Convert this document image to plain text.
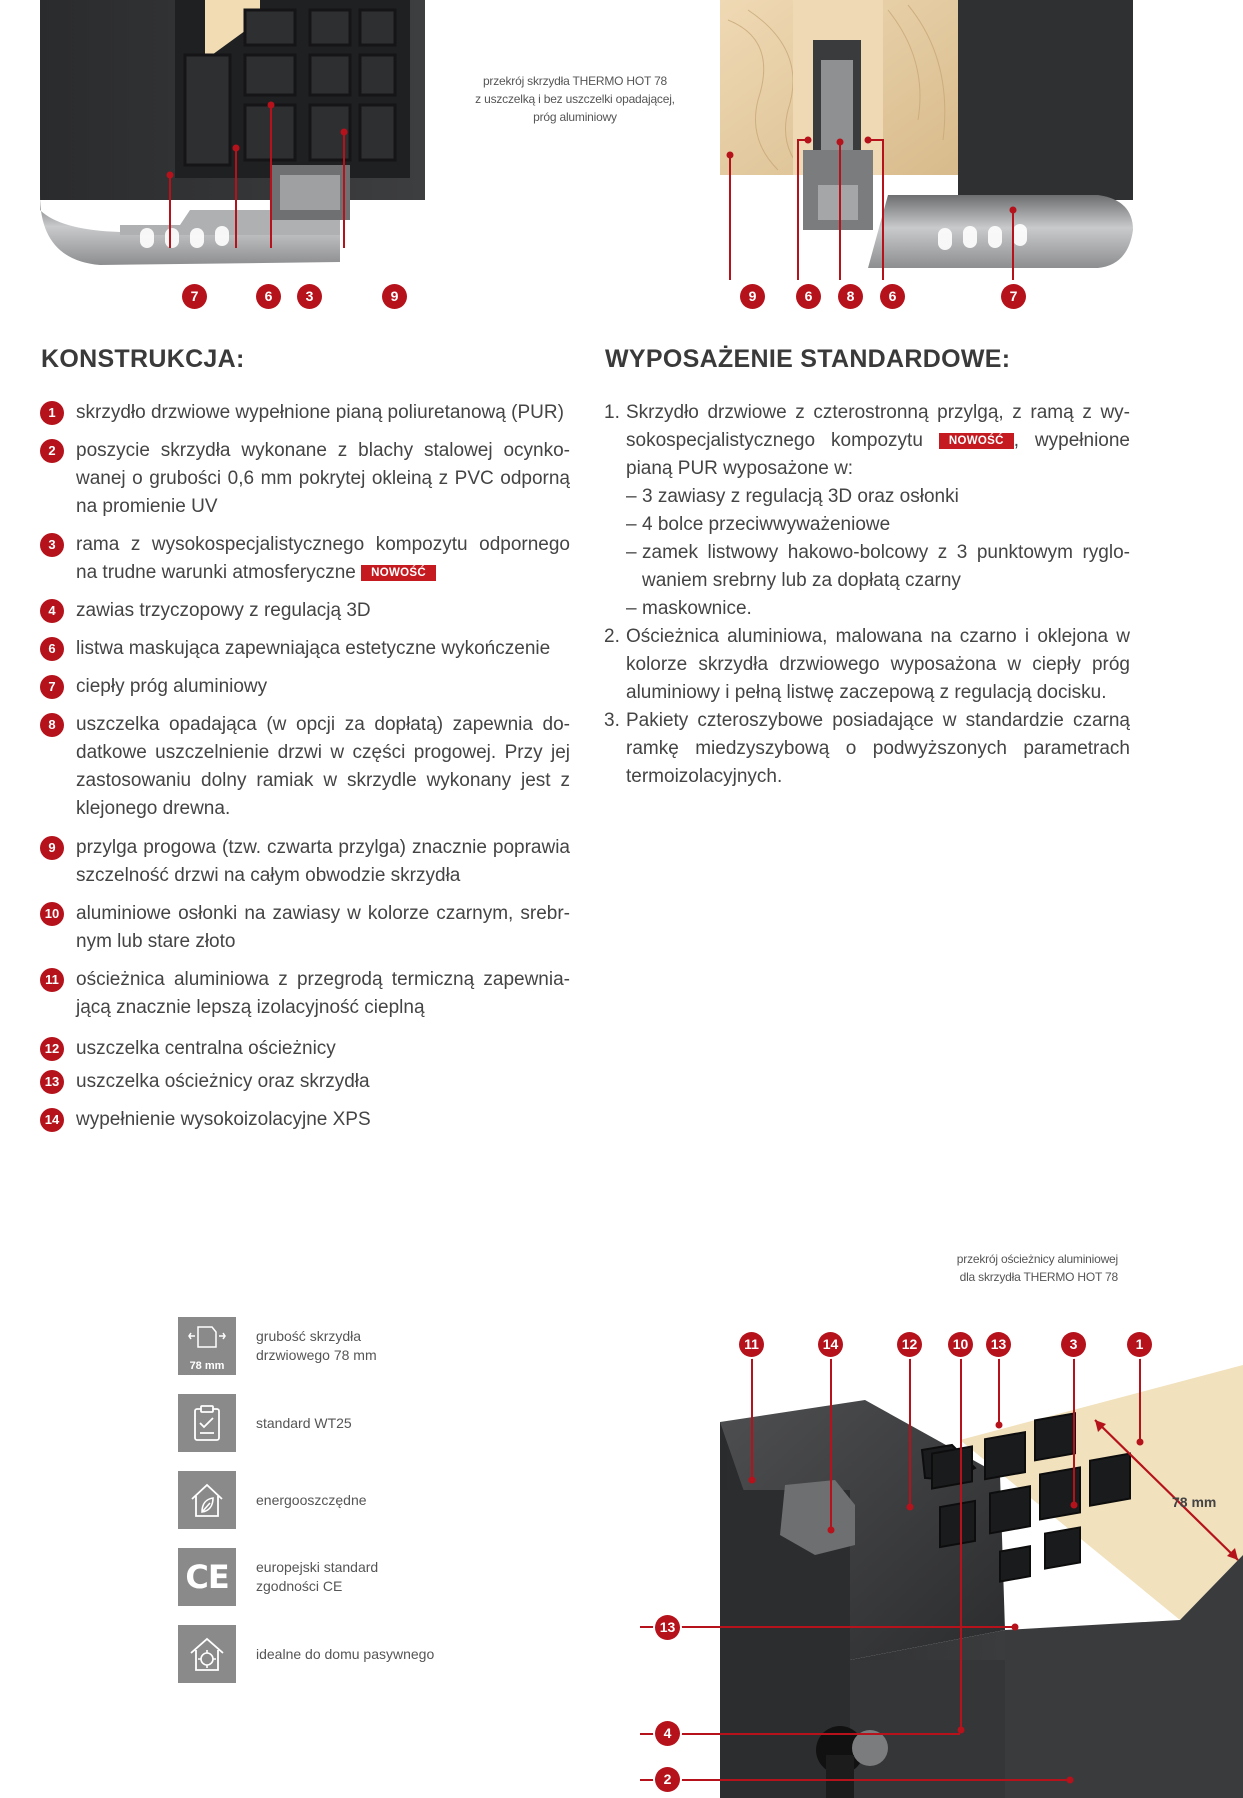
7	6	3	9
przekrój skrzydła THERMO HOT 78
z uszczelką i bez uszczelki opadającej,
próg aluminiowy
9	6	8	6	7
KONSTRUKCJA:
1	skrzydło drzwiowe wypełnione pianą poliuretanową (PUR)
2	poszycie skrzydła wykonane z blachy stalowej ocynkowanej o grubości 0,6 mm pokrytej okleiną z PVC odporną na promienie UV
3	rama z wysokospecjalistycznego kompozytu odpornego na trudne warunki atmosferyczne NOWOŚĆ
4	zawias trzyczopowy z regulacją 3D
6	listwa maskująca zapewniająca estetyczne wykończenie
7	ciepły próg aluminiowy
8	uszczelka opadająca (w opcji za dopłatą) zapewnia dodatkowe uszczelnienie drzwi w części progowej. Przy jej zastosowaniu dolny ramiak w skrzydle wykonany jest z klejonego drewna.
9	przylga progowa (tzw. czwarta przylga) znacznie poprawia szczelność drzwi na całym obwodzie skrzydła
10 aluminiowe osłonki na zawiasy w kolorze czarnym, srebrnym lub stare złoto
11 ościeżnica aluminiowa z przegrodą termiczną zapewniającą znacznie lepszą izolacyjność cieplną
12 uszczelka centralna ościeżnicy
13 uszczelka ościeżnicy oraz skrzydła
14 wypełnienie wysokoizolacyjne XPS
WYPOSAŻENIE STANDARDOWE:
1. Skrzydło drzwiowe z czterostronną przylgą, z ramą z wysokospecjalistycznego kompozytu NOWOŚĆ , wypełnione pianą PUR wyposażone w:
– 3 zawiasy z regulacją 3D oraz osłonki
– 4 bolce przeciwwyważeniowe
– zamek listwowy hakowo-bolcowy z 3 punktowym ryglowaniem srebrny lub za dopłatą czarny
– maskownice.
2. Ościeżnica aluminiowa, malowana na czarno i oklejona w kolorze skrzydła drzwiowego wyposażona w ciepły próg aluminiowy i pełną listwę zaczepową z regulacją docisku.
3. Pakiety czteroszybowe posiadające w standardzie czarną ramkę miedzyszybową o podwyższonych parametrach termoizolacyjnych.
78 mm
grubość skrzydła
drzwiowego 78 mm
standard WT25
energooszczędne
CE europejski standard
zgodności CE
idealne do domu pasywnego
przekrój ościeżnicy aluminiowej
dla skrzydła THERMO HOT 78
78 mm
11	14	12	10	13	3	1
13
4
2
